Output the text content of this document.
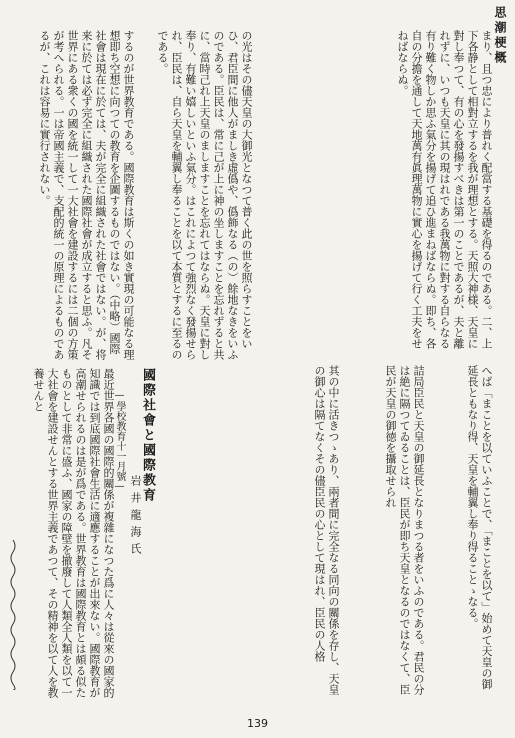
思潮梗概

まり、且つ忠により普れく配當する基礎を得るのである。二、上下各静として相對立するを我が理想とする。天照大神様、天皇に對し奉つて、有の心を發揚すべきは第一のことであるが、夫と離れずに、いつも天皇に其の現はれである我萬物に對する自らなる有り難く物しか思ふ氣分を揚げて追ひ進まねばならぬ。即ち、各自の分擔を通して天地萬有眞理萬物に實心を揚げて行く工夫をせねばならぬ。

の光はその儘天皇の大御光となつて普く此の世を照らすことをいひ、君臣間に他人がましき虛僞や、僞飾なる（の）餘地なきをいふのである。臣民は、常に己が上に神の坐しますことを忘れずると共に、當時己れ上天皇のましますことを忘れてはならぬ。天皇に對し奉り、有難い嬉しいといふ氣分。はこれによつて強烈なく發揚せられ、臣民は、自ら天皇を輔翼し奉ることを以て本質とするに至るのである。

するのが世界教育である。國際教育は斯くの如き實現の可能なる理想即ち空想に向つての教育を企圖するものではない。（中略）國際社會は現在に於ては、夫が完全に組織された社會ではない。が、将来に於ては必ず完全に組織された國際社會が成立すると思ふ。凡そ世界にある衆くの國を統一して一大社會を建設するには二個の方策が考へられる。一は帝國主義で、支配的統一の原理によるものであるが、これは容易に實行されない。

へば「まことを以ていふことで、「まことを以て」始めて天皇の御延長ともなり得、天皇を輔翼し奉り得ることゝなる。

詰局臣民と天皇の御延長となりまつる者をいふのである。君民の分は絶に隔つてゐることは、臣民が即ち天皇となるのではなくて、臣民が天皇の御徳を攝取せられ

其の中に活きつゝあり、兩者間に完全なる同向の關係を存し、天皇の御心は隔てなくその儘臣民の心として現はれ、臣民の人格

國際社會と國際教育
—學校教育十一月號—
岩井龍海氏

最近世界各國の國際的關係が複雜になつた爲に人々は從來の國家的知識では到底國際社會生活に適應することが出來ない。國際教育が高潮せられるのは是が爲である。世界教育は國際教育とは頗る似たものとして非常に盛ふ、國家の障壁を撤廢して人類全人類を以て一大社會を建設せんとする世界主義であつて、その精神を以て人を教養せんと

139
